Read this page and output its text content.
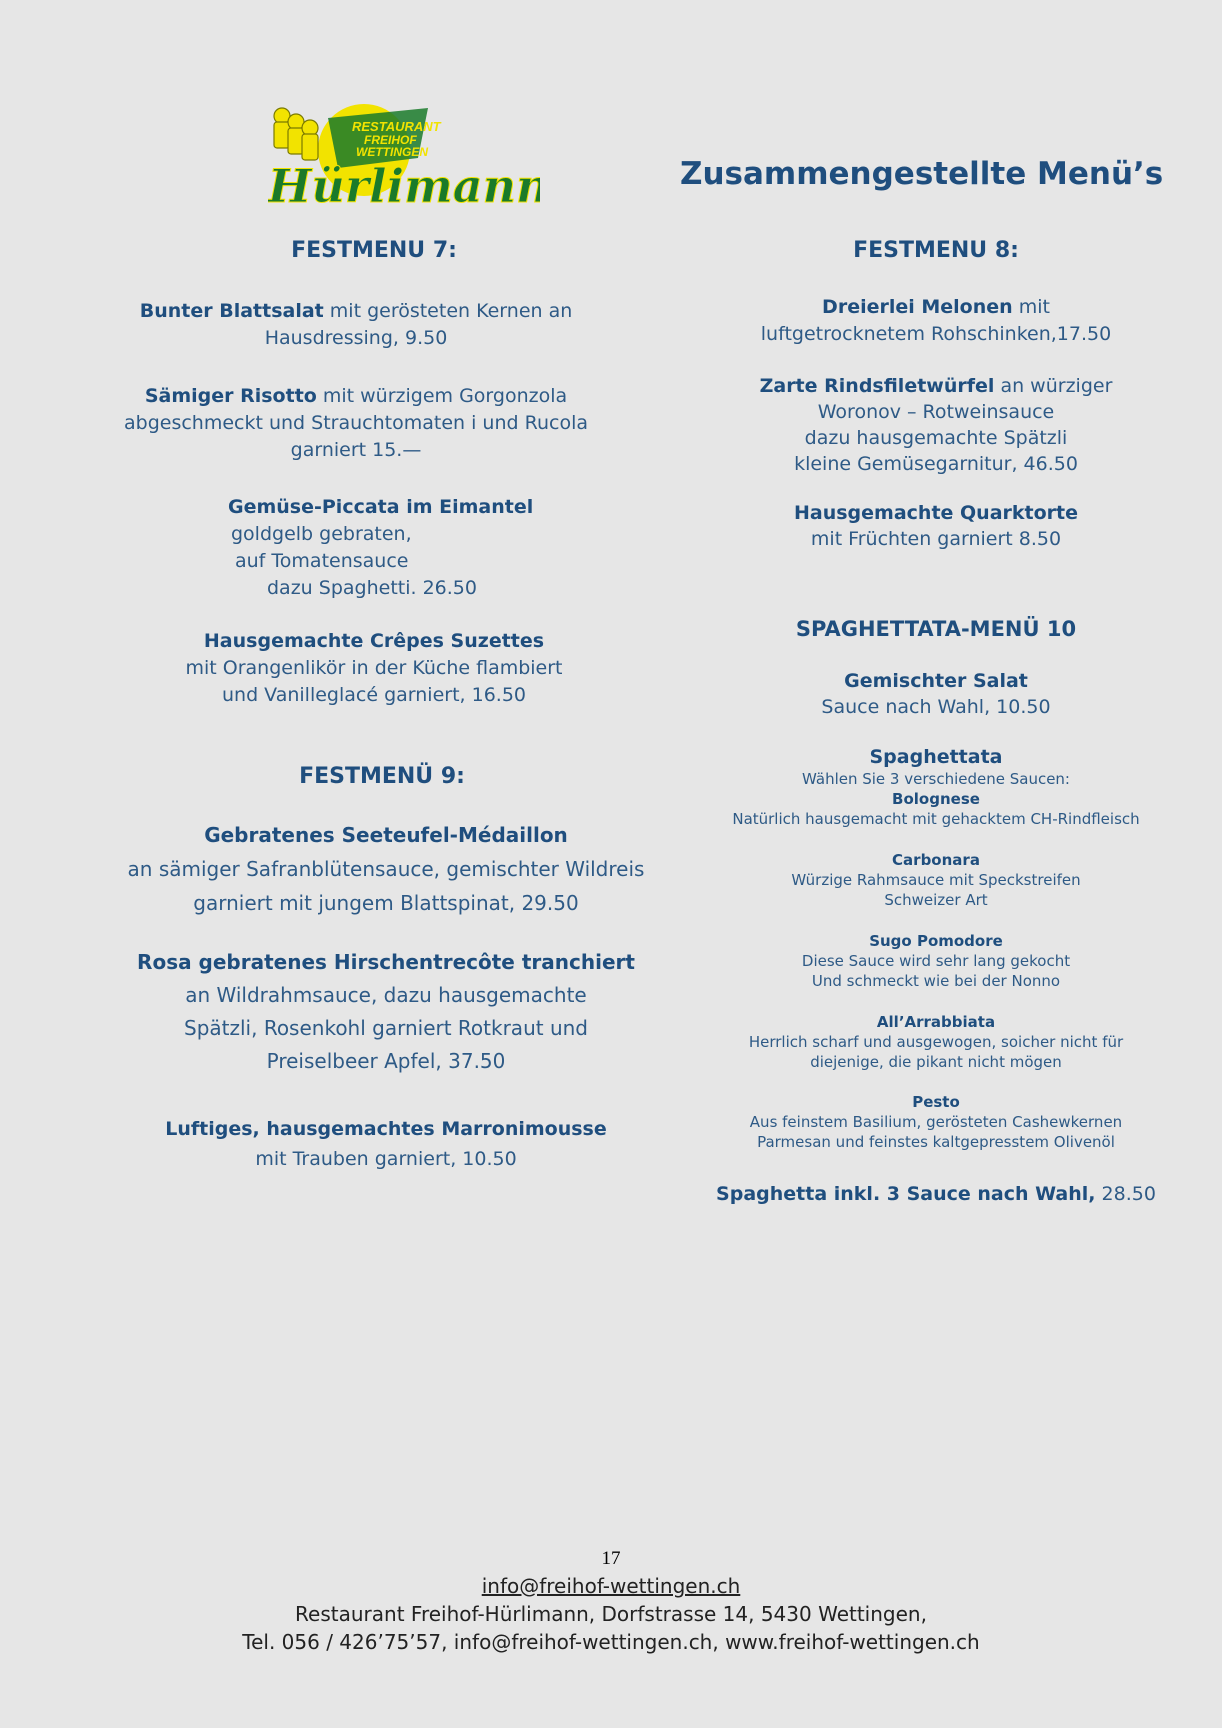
RESTAURANT
FREIHOF
WETTINGEN
Hürlimann	Zusammengestellte Menü’s
FESTMENU 7:
Bunter Blattsalat mit gerösteten Kernen an
Hausdressing, 9.50
Sämiger Risotto mit würzigem Gorgonzola
abgeschmeckt und Strauchtomaten i und Rucola
garniert 15.—
Gemüse-Piccata im Eimantel
goldgelb gebraten,
auf Tomatensauce
dazu Spaghetti. 26.50
Hausgemachte Crêpes Suzettes
mit Orangenlikör in der Küche flambiert
und Vanilleglacé garniert, 16.50
FESTMENÜ 9:
Gebratenes Seeteufel-Médaillon
an sämiger Safranblütensauce, gemischter Wildreis
garniert mit jungem Blattspinat, 29.50
Rosa gebratenes Hirschentrecôte tranchiert
an Wildrahmsauce, dazu hausgemachte
Spätzli, Rosenkohl garniert Rotkraut und
Preiselbeer Apfel, 37.50
Luftiges, hausgemachtes Marronimousse
mit Trauben garniert, 10.50
FESTMENU 8:
Dreierlei Melonen mit
luftgetrocknetem Rohschinken,17.50
Zarte Rindsfiletwürfel an würziger
Woronov – Rotweinsauce
dazu hausgemachte Spätzli
kleine Gemüsegarnitur, 46.50
Hausgemachte Quarktorte
mit Früchten garniert 8.50
SPAGHETTATA-MENÜ 10
Gemischter Salat
Sauce nach Wahl, 10.50
Spaghettata
Wählen Sie 3 verschiedene Saucen:
Bolognese
Natürlich hausgemacht mit gehacktem CH-Rindfleisch
Carbonara
Würzige Rahmsauce mit Speckstreifen
Schweizer Art
Sugo Pomodore
Diese Sauce wird sehr lang gekocht
Und schmeckt wie bei der Nonno
All’Arrabbiata
Herrlich scharf und ausgewogen, soicher nicht für
diejenige, die pikant nicht mögen
Pesto
Aus feinstem Basilium, gerösteten Cashewkernen
Parmesan und feinstes kaltgepresstem Olivenöl
Spaghetta inkl. 3 Sauce nach Wahl, 28.50
17
info@freihof-wettingen.ch
Restaurant Freihof-Hürlimann, Dorfstrasse 14, 5430 Wettingen,
Tel. 056 / 426’75’57, info@freihof-wettingen.ch, www.freihof-wettingen.ch
